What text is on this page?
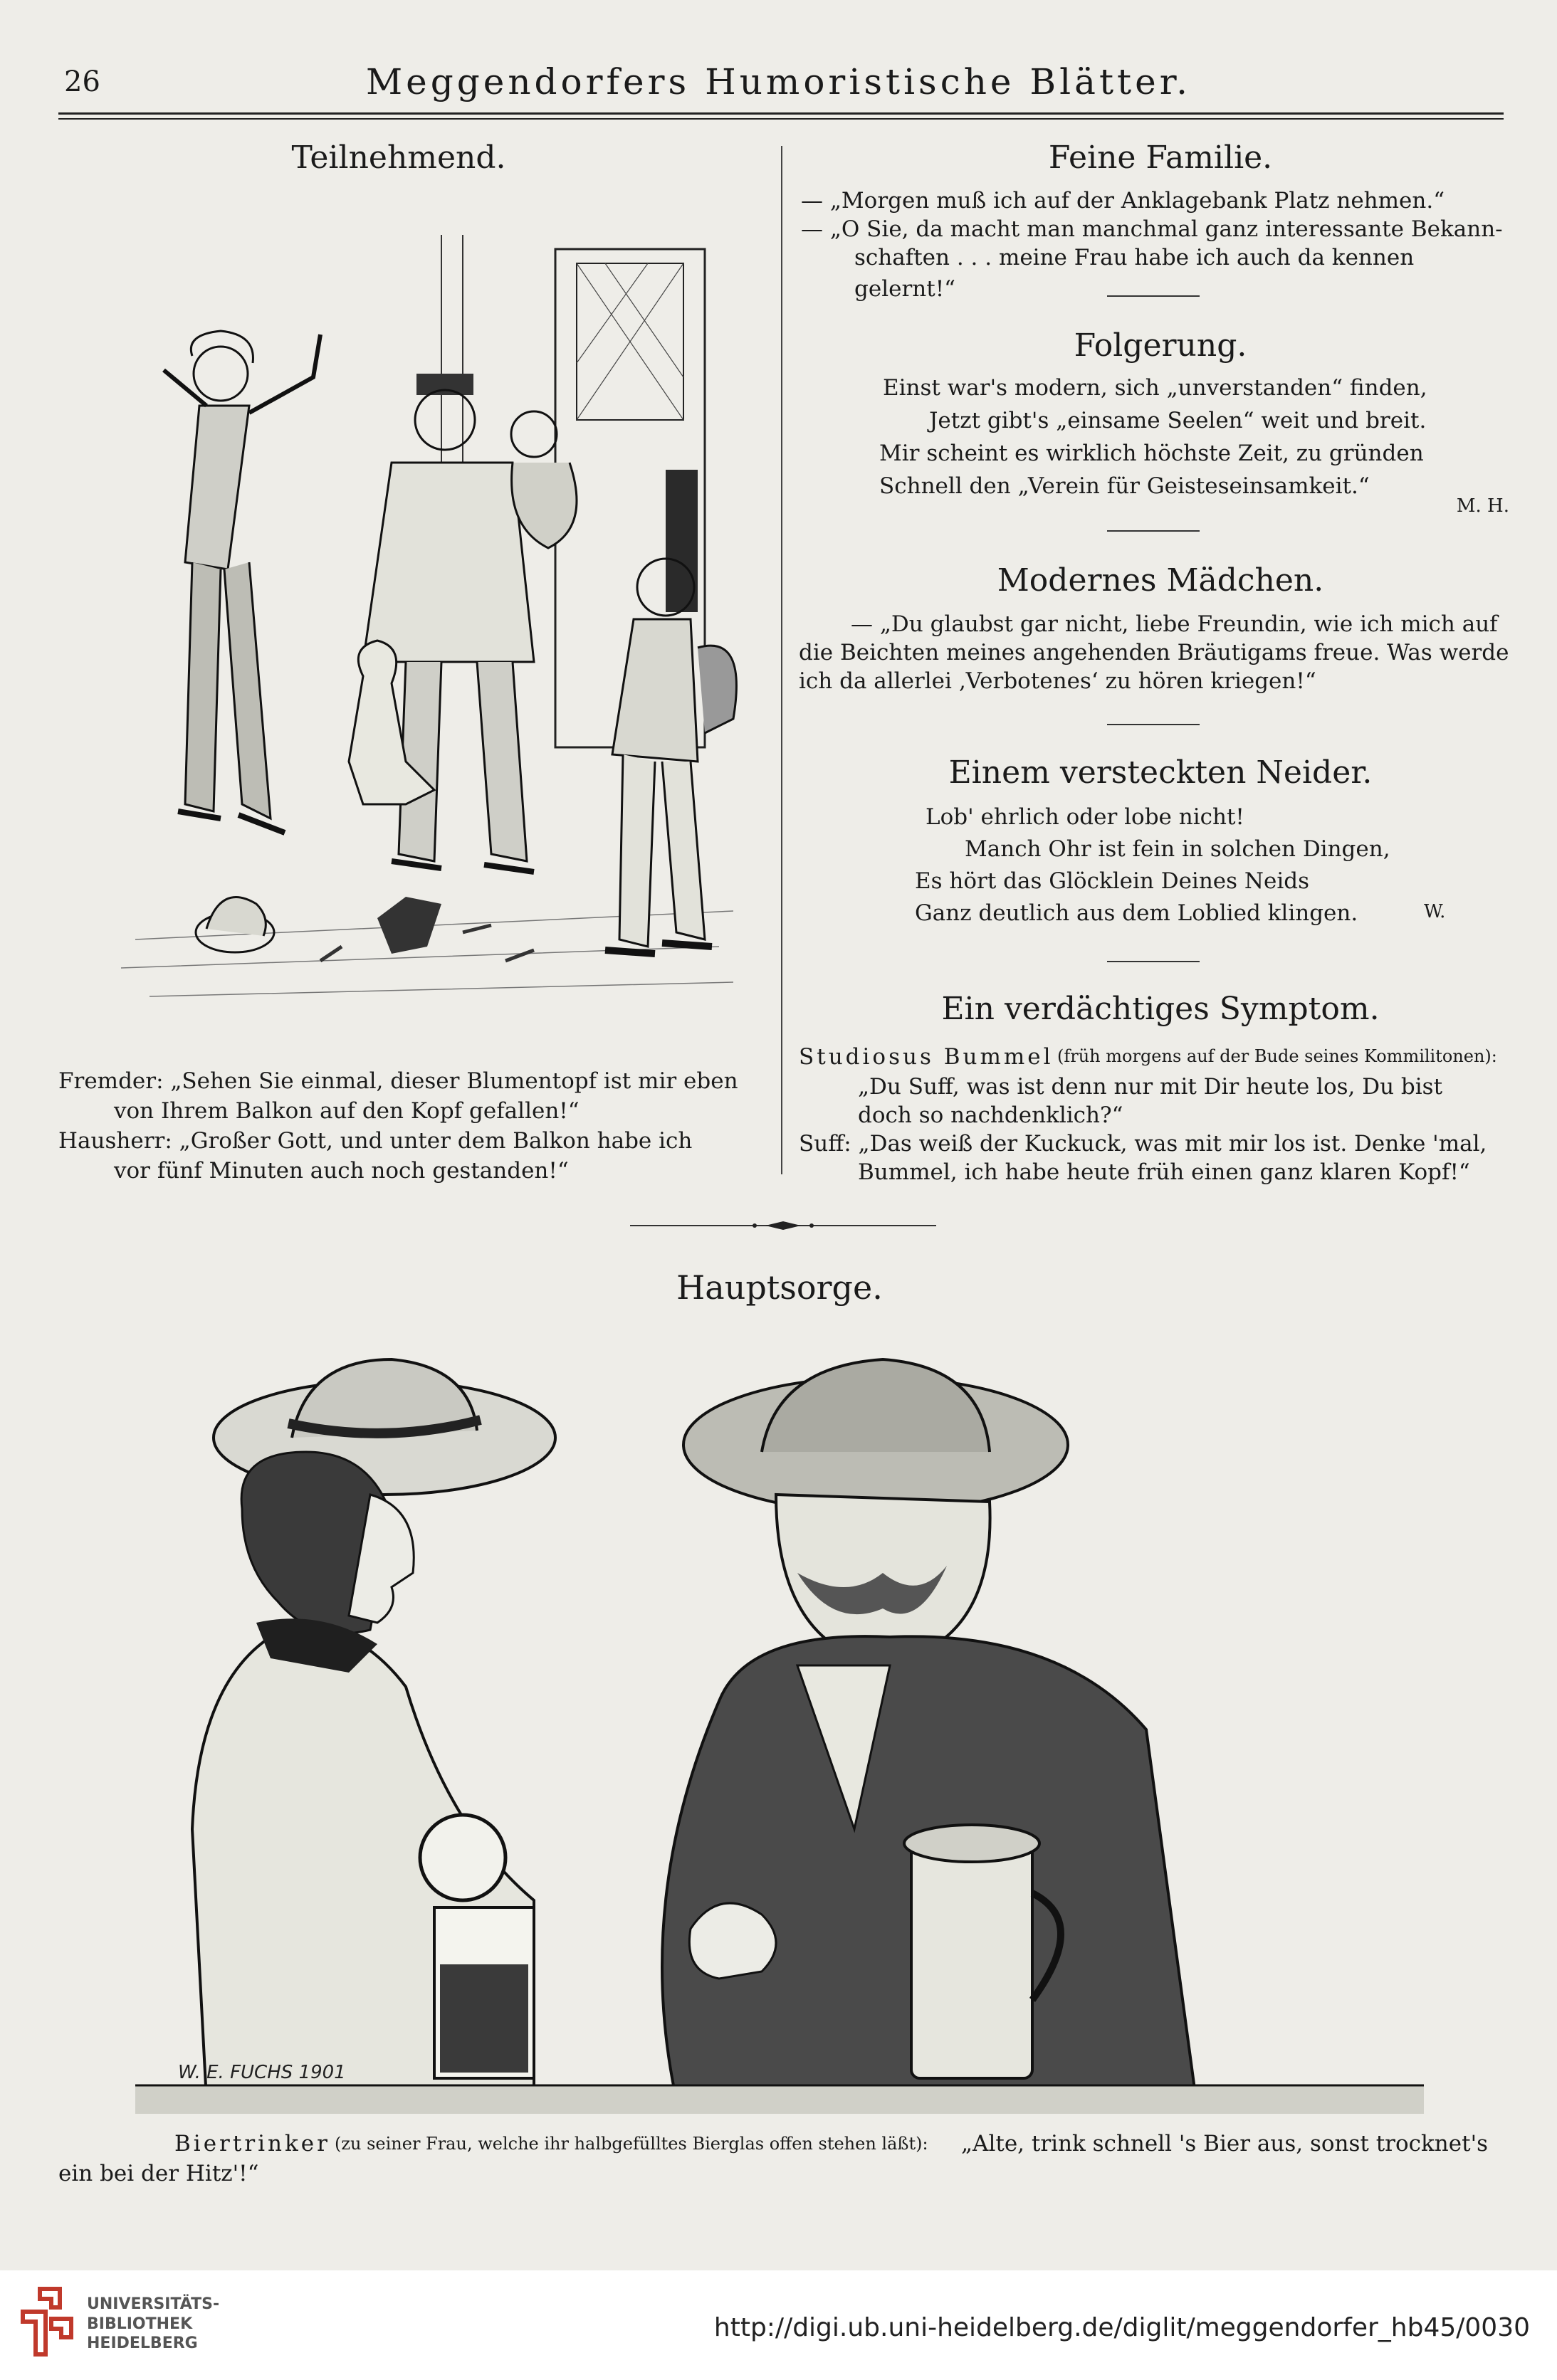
26	Meggendorfers Humoristische Blätter.
Teilnehmend.
Fremder: „Sehen Sie einmal, dieser Blumentopf ist mir eben
von Ihrem Balkon auf den Kopf gefallen!“
Hausherr: „Großer Gott, und unter dem Balkon habe ich
vor fünf Minuten auch noch gestanden!“
Feine Familie.
— „Morgen muß ich auf der Anklagebank Platz nehmen.“
— „O Sie, da macht man manchmal ganz interessante Bekann-
schaften . . . meine Frau habe ich auch da kennen gelernt!“
Folgerung.
Einst war's modern, sich „unverstanden“ finden,
Jetzt gibt's „einsame Seelen“ weit und breit.
Mir scheint es wirklich höchste Zeit, zu gründen
Schnell den „Verein für Geisteseinsamkeit.“
M. H.
Modernes Mädchen.
— „Du glaubst gar nicht, liebe Freundin, wie ich mich auf
die Beichten meines angehenden Bräutigams freue. Was werde
ich da allerlei ‚Verbotenes‘ zu hören kriegen!“
Einem versteckten Neider.
Lob' ehrlich oder lobe nicht!
Manch Ohr ist fein in solchen Dingen,
Es hört das Glöcklein Deines Neids
Ganz deutlich aus dem Loblied klingen.	W.
Ein verdächtiges Symptom.
Studiosus Bummel (früh morgens auf der Bude seines Kommilitonen):
„Du Suff, was ist denn nur mit Dir heute los, Du bist
doch so nachdenklich?“
Suff: „Das weiß der Kuckuck, was mit mir los ist. Denke 'mal,
Bummel, ich habe heute früh einen ganz klaren Kopf!“
Hauptsorge.
W. E. FUCHS 1901
Biertrinker (zu seiner Frau, welche ihr halbgefülltes Bierglas offen stehen läßt):	„Alte, trink schnell 's Bier aus, sonst trocknet's
ein bei der Hitz'!“
UNIVERSITÄTS-
BIBLIOTHEK
HEIDELBERG
http://digi.ub.uni-heidelberg.de/diglit/meggendorfer_hb45/0030
